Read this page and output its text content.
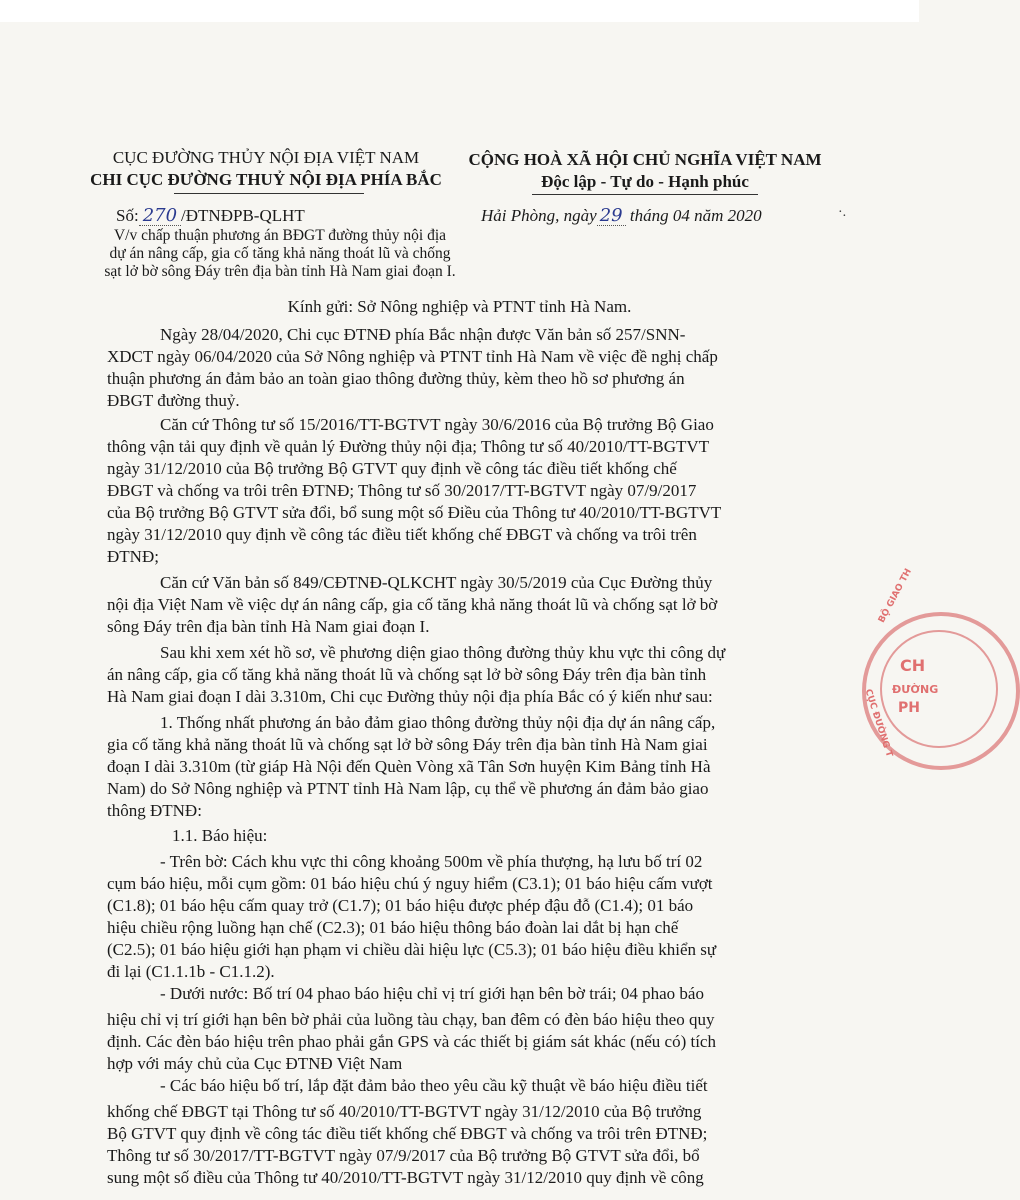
CỤC ĐƯỜNG THỦY NỘI ĐỊA VIỆT NAM
CHI CỤC ĐƯỜNG THUỶ NỘI ĐỊA PHÍA BẮC
Số: 270 /ĐTNĐPB-QLHT
V/v chấp thuận phương án BĐGT đường thủy nội địa
dự án nâng cấp, gia cố tăng khả năng thoát lũ và chống
sạt lở bờ sông Đáy trên địa bàn tỉnh Hà Nam giai đoạn I.
CỘNG HOÀ XÃ HỘI CHỦ NGHĨA VIỆT NAM
Độc lập - Tự do - Hạnh phúc
Hải Phòng, ngày 29 tháng 04 năm 2020	·.
Kính gửi: Sở Nông nghiệp và PTNT tỉnh Hà Nam.
Ngày 28/04/2020, Chi cục ĐTNĐ phía Bắc nhận được Văn bản số 257/SNN-
XDCT ngày 06/04/2020 của Sở Nông nghiệp và PTNT tỉnh Hà Nam về việc đề nghị chấp
thuận phương án đảm bảo an toàn giao thông đường thủy, kèm theo hồ sơ phương án
ĐBGT đường thuỷ.
Căn cứ Thông tư số 15/2016/TT-BGTVT ngày 30/6/2016 của Bộ trưởng Bộ Giao
thông vận tải quy định về quản lý Đường thủy nội địa; Thông tư số 40/2010/TT-BGTVT
ngày 31/12/2010 của Bộ trưởng Bộ GTVT quy định về công tác điều tiết khống chế
ĐBGT và chống va trôi trên ĐTNĐ; Thông tư số 30/2017/TT-BGTVT ngày 07/9/2017
của Bộ trưởng Bộ GTVT sửa đổi, bổ sung một số Điều của Thông tư 40/2010/TT-BGTVT
ngày 31/12/2010 quy định về công tác điều tiết khống chế ĐBGT và chống va trôi trên
ĐTNĐ;
Căn cứ Văn bản số 849/CĐTNĐ-QLKCHT ngày 30/5/2019 của Cục Đường thủy
nội địa Việt Nam về việc dự án nâng cấp, gia cố tăng khả năng thoát lũ và chống sạt lở bờ
sông Đáy trên địa bàn tỉnh Hà Nam giai đoạn I.
Sau khi xem xét hồ sơ, về phương diện giao thông đường thủy khu vực thi công dự
án nâng cấp, gia cố tăng khả năng thoát lũ và chống sạt lở bờ sông Đáy trên địa bàn tỉnh
Hà Nam giai đoạn I dài 3.310m, Chi cục Đường thủy nội địa phía Bắc có ý kiến như sau:
1. Thống nhất phương án bảo đảm giao thông đường thủy nội địa dự án nâng cấp,
gia cố tăng khả năng thoát lũ và chống sạt lở bờ sông Đáy trên địa bàn tỉnh Hà Nam giai
đoạn I dài 3.310m (từ giáp Hà Nội đến Quèn Vòng xã Tân Sơn huyện Kim Bảng tỉnh Hà
Nam) do Sở Nông nghiệp và PTNT tỉnh Hà Nam lập, cụ thể về phương án đảm bảo giao
thông ĐTNĐ:
1.1. Báo hiệu:
- Trên bờ: Cách khu vực thi công khoảng 500m về phía thượng, hạ lưu bố trí 02
cụm báo hiệu, mỗi cụm gồm: 01 báo hiệu chú ý nguy hiểm (C3.1); 01 báo hiệu cấm vượt
(C1.8); 01 báo hệu cấm quay trở (C1.7); 01 báo hiệu được phép đậu đỗ (C1.4); 01 báo
hiệu chiều rộng luồng hạn chế (C2.3); 01 báo hiệu thông báo đoàn lai dắt bị hạn chế
(C2.5); 01 báo hiệu giới hạn phạm vi chiều dài hiệu lực (C5.3); 01 báo hiệu điều khiển sự
đi lại (C1.1.1b - C1.1.2).
- Dưới nước: Bố trí 04 phao báo hiệu chỉ vị trí giới hạn bên bờ trái; 04 phao báo
hiệu chỉ vị trí giới hạn bên bờ phải của luồng tàu chạy, ban đêm có đèn báo hiệu theo quy
định. Các đèn báo hiệu trên phao phải gắn GPS và các thiết bị giám sát khác (nếu có) tích
hợp với máy chủ của Cục ĐTNĐ Việt Nam
- Các báo hiệu bố trí, lắp đặt đảm bảo theo yêu cầu kỹ thuật về báo hiệu điều tiết
khống chế ĐBGT tại Thông tư số 40/2010/TT-BGTVT ngày 31/12/2010 của Bộ trưởng
Bộ GTVT quy định về công tác điều tiết khống chế ĐBGT và chống va trôi trên ĐTNĐ;
Thông tư số 30/2017/TT-BGTVT ngày 07/9/2017 của Bộ trưởng Bộ GTVT sửa đổi, bổ
sung một số điều của Thông tư 40/2010/TT-BGTVT ngày 31/12/2010 quy định về công
BỘ GIAO TH
CH
ĐƯỜNG
PH
CỤC ĐƯỜNG T
